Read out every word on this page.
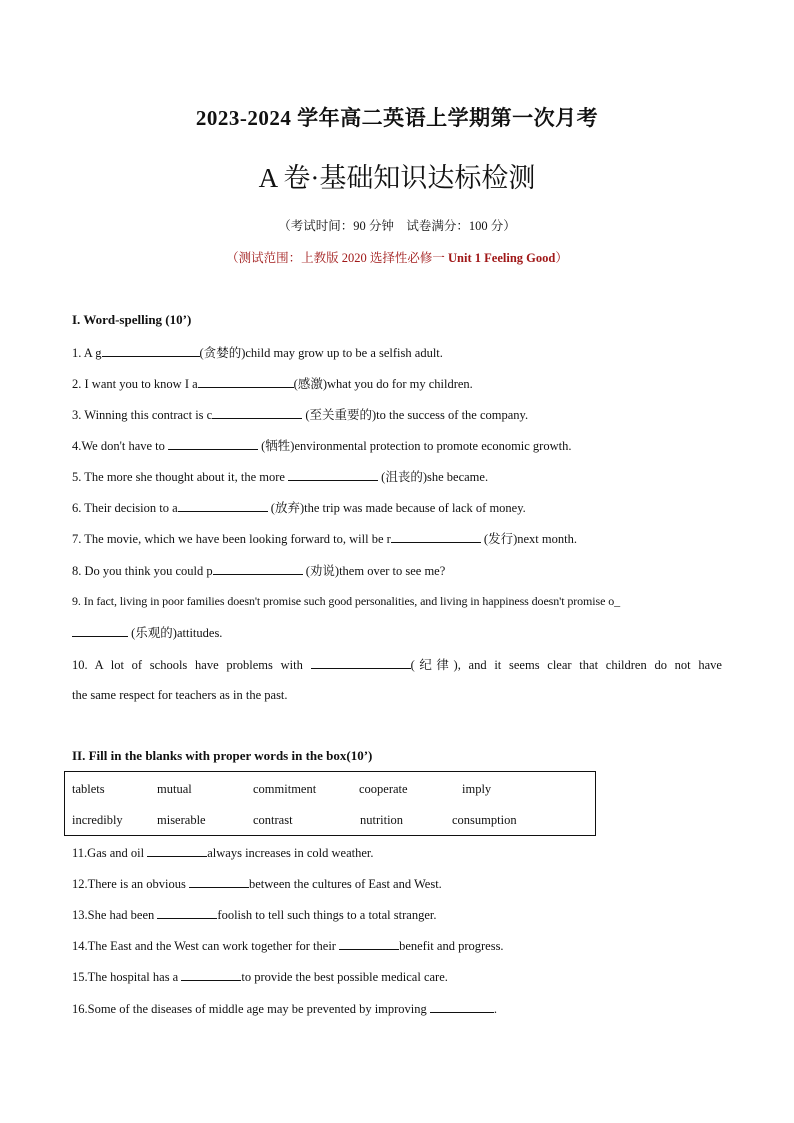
2023-2024 学年高二英语上学期第一次月考
A 卷·基础知识达标检测
（考试时间：90 分钟　试卷满分：100 分）
（测试范围：上教版 2020 选择性必修一 Unit 1 Feeling Good）
I. Word-spelling (10’)
1. A g	(贪婪的)child may grow up to be a selfish adult.
2. I want you to know I a	(感激)what you do for my children.
3. Winning this contract is c	(至关重要的)to the success of the company.
4.We don't have to	(牺牲)environmental protection to promote economic growth.
5. The more she thought about it, the more	(沮丧的)she became.
6. Their decision to a	(放弃)the trip was made because of lack of money.
7. The movie, which we have been looking forward to, will be r	(发行)next month.
8. Do you think you could p	(劝说)them over to see me?
9. In fact, living in poor families doesn't promise such good personalities, and living in happiness doesn't promise o_
(乐观的)attitudes.
10. A lot of schools have problems with	(纪律), and it seems clear that children do not have
the same respect for teachers as in the past.
II. Fill in the blanks with proper words in the box(10’)
tablets	mutual	commitment	cooperate	imply
incredibly	miserable	contrast	nutrition	consumption
11.Gas and oil	always increases in cold weather.
12.There is an obvious	between the cultures of East and West.
13.She had been	foolish to tell such things to a total stranger.
14.The East and the West can work together for their	benefit and progress.
15.The hospital has a	to provide the best possible medical care.
16.Some of the diseases of middle age may be prevented by improving	.
